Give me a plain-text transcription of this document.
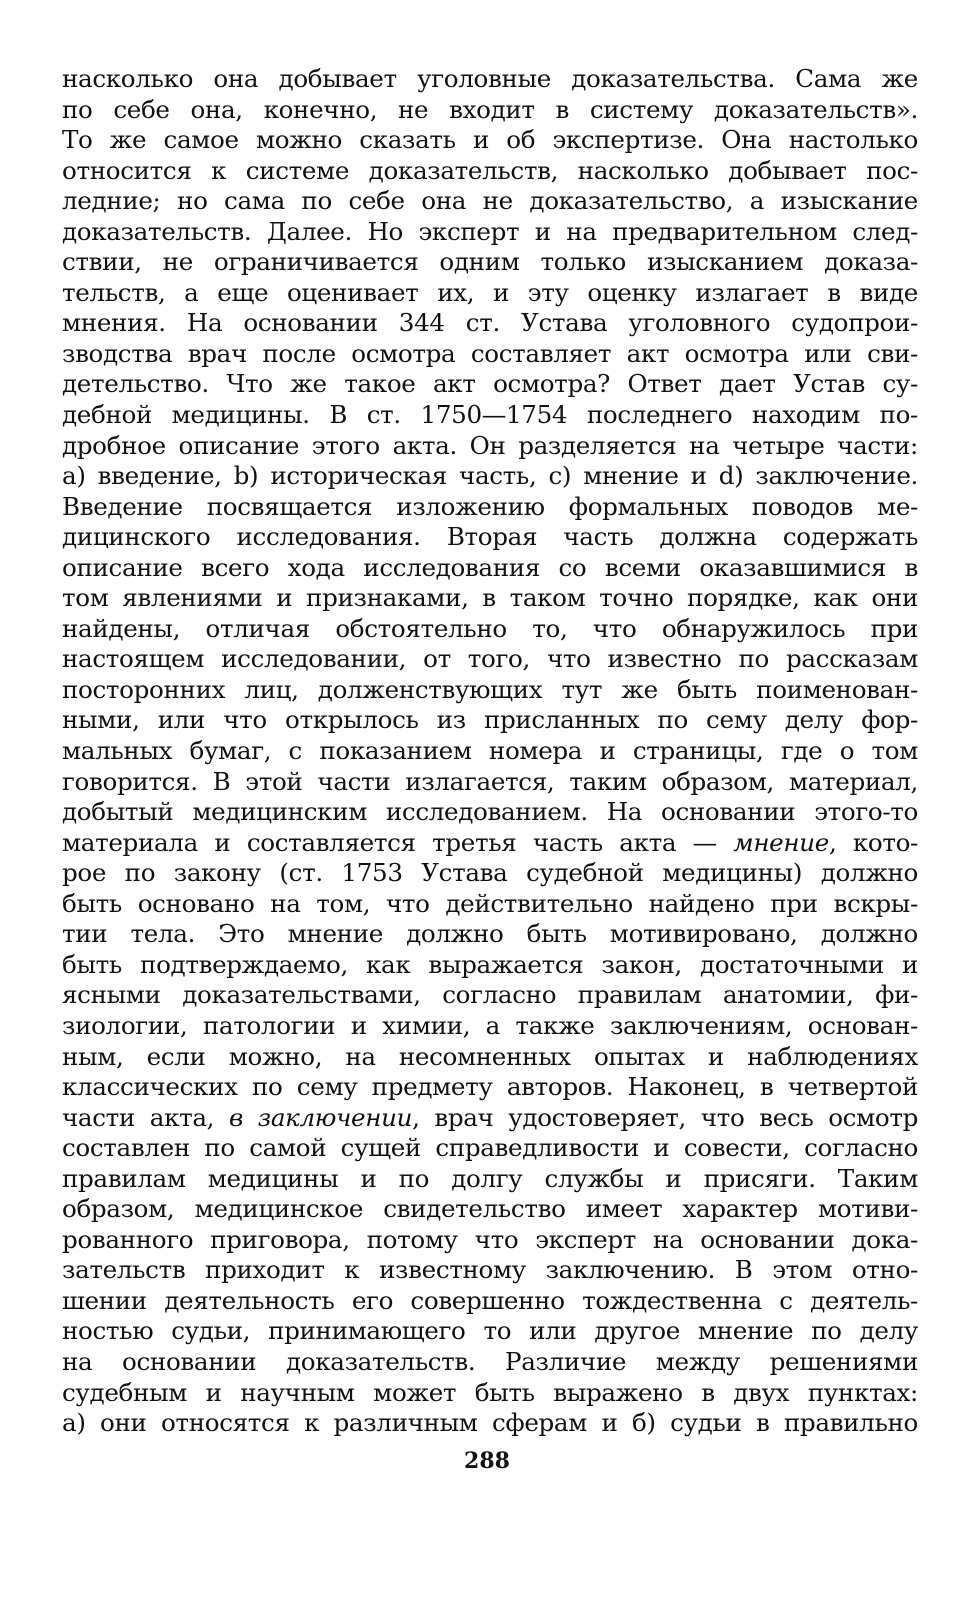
насколько она добывает уголовные доказательства. Сама же
по себе она, конечно, не входит в систему доказательств».
То же самое можно сказать и об экспертизе. Она настолько
относится к системе доказательств, насколько добывает пос-
ледние; но сама по себе она не доказательство, а изыскание
доказательств. Далее. Но эксперт и на предварительном след-
ствии, не ограничивается одним только изысканием доказа-
тельств, а еще оценивает их, и эту оценку излагает в виде
мнения. На основании 344 ст. Устава уголовного судопрои-
зводства врач после осмотра составляет акт осмотра или сви-
детельство. Что же такое акт осмотра? Ответ дает Устав су-
дебной медицины. В ст. 1750—1754 последнего находим по-
дробное описание этого акта. Он разделяется на четыре части:
a) введение, b) историческая часть, c) мнение и d) заключение.
Введение посвящается изложению формальных поводов ме-
дицинского исследования. Вторая часть должна содержать
описание всего хода исследования со всеми оказавшимися в
том явлениями и признаками, в таком точно порядке, как они
найдены, отличая обстоятельно то, что обнаружилось при
настоящем исследовании, от того, что известно по рассказам
посторонних лиц, долженствующих тут же быть поименован-
ными, или что открылось из присланных по сему делу фор-
мальных бумаг, с показанием номера и страницы, где о том
говорится. В этой части излагается, таким образом, материал,
добытый медицинским исследованием. На основании этого-то
материала и составляется третья часть акта — мнение, кото-
рое по закону (ст. 1753 Устава судебной медицины) должно
быть основано на том, что действительно найдено при вскры-
тии тела. Это мнение должно быть мотивировано, должно
быть подтверждаемо, как выражается закон, достаточными и
ясными доказательствами, согласно правилам анатомии, фи-
зиологии, патологии и химии, а также заключениям, основан-
ным, если можно, на несомненных опытах и наблюдениях
классических по сему предмету авторов. Наконец, в четвертой
части акта, в заключении, врач удостоверяет, что весь осмотр
составлен по самой сущей справедливости и совести, согласно
правилам медицины и по долгу службы и присяги. Таким
образом, медицинское свидетельство имеет характер мотиви-
рованного приговора, потому что эксперт на основании дока-
зательств приходит к известному заключению. В этом отно-
шении деятельность его совершенно тождественна с деятель-
ностью судьи, принимающего то или другое мнение по делу
на основании доказательств. Различие между решениями
судебным и научным может быть выражено в двух пунктах:
а) они относятся к различным сферам и б) судьи в правильно
288
